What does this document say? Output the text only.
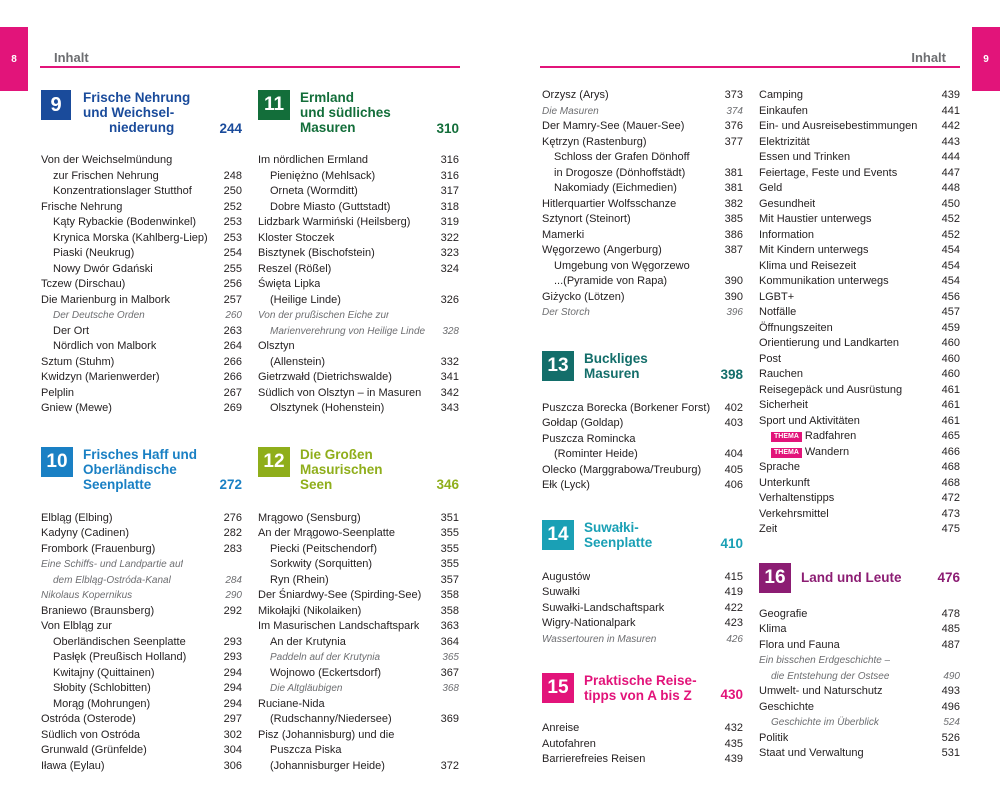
8	Inhalt	9
Inhalt
9	Frische Nehrung
und Weichsel-
niederung	244
Von der Weichselmündung
zur Frischen Nehrung	248
Konzentrationslager Stutthof	250
Frische Nehrung	252
Kąty Rybackie (Bodenwinkel)	253
Krynica Morska (Kahlberg-Liep)	253
Piaski (Neukrug)	254
Nowy Dwór Gdański	255
Tczew (Dirschau)	256
Die Marienburg in Malbork	257
Der Deutsche Orden	260
Der Ort	263
Nördlich von Malbork	264
Sztum (Stuhm)	266
Kwidzyn (Marienwerder)	266
Pelplin	267
Gniew (Mewe)	269
10	Frisches Haff und
Oberländische
Seenplatte	272
Elbląg (Elbing)	276
Kadyny (Cadinen)	282
Frombork (Frauenburg)	283
Eine Schiffs- und Landpartie auf
dem Elbląg-Ostróda-Kanal	284
Nikolaus Kopernikus	290
Braniewo (Braunsberg)	292
Von Elbląg zur
Oberländischen Seenplatte	293
Pasłęk (Preußisch Holland)	293
Kwitajny (Quittainen)	294
Słobity (Schlobitten)	294
Morąg (Mohrungen)	294
Ostróda (Osterode)	297
Südlich von Ostróda	302
Grunwald (Grünfelde)	304
Iława (Eylau)	306
11	Ermland
und südliches
Masuren	310
Im nördlichen Ermland	316
Pieniężno (Mehlsack)	316
Orneta (Wormditt)	317
Dobre Miasto (Guttstadt)	318
Lidzbark Warmiński (Heilsberg)	319
Kloster Stoczek	322
Bisztynek (Bischofstein)	323
Reszel (Rößel)	324
Święta Lipka
(Heilige Linde)	326
Von der prußischen Eiche zur
Marienverehrung von Heilige Linde	328
Olsztyn
(Allenstein)	332
Gietrzwałd (Dietrichswalde)	341
Südlich von Olsztyn – in Masuren	342
Olsztynek (Hohenstein)	343
12	Die Großen
Masurischen
Seen	346
Mrągowo (Sensburg)	351
An der Mrągowo-Seenplatte	355
Piecki (Peitschendorf)	355
Sorkwity (Sorquitten)	355
Ryn (Rhein)	357
Der Śniardwy-See (Spirding-See)	358
Mikołajki (Nikolaiken)	358
Im Masurischen Landschaftspark	363
An der Krutynia	364
Paddeln auf der Krutynia	365
Wojnowo (Eckertsdorf)	367
Die Altgläubigen	368
Ruciane-Nida
(Rudschanny/Niedersee)	369
Pisz (Johannisburg) und die
Puszcza Piska
(Johannisburger Heide)	372
Orzysz (Arys)	373
Die Masuren	374
Der Mamry-See (Mauer-See)	376
Kętrzyn (Rastenburg)	377
Schloss der Grafen Dönhoff
in Drogosze (Dönhoffstädt)	381
Nakomiady (Eichmedien)	381
Hitlerquartier Wolfsschanze	382
Sztynort (Steinort)	385
Mamerki	386
Węgorzewo (Angerburg)	387
Umgebung von Węgorzewo
...(Pyramide von Rapa)	390
Giżycko (Lötzen)	390
Der Storch	396
13	Buckliges
Masuren	398
Puszcza Borecka (Borkener Forst)	402
Gołdap (Goldap)	403
Puszcza Romincka
(Rominter Heide)	404
Olecko (Marggrabowa/Treuburg)	405
Ełk (Lyck)	406
14	Suwałki-
Seenplatte	410
Augustów	415
Suwałki	419
Suwałki-Landschaftspark	422
Wigry-Nationalpark	423
Wassertouren in Masuren	426
15	Praktische Reise-
tipps von A bis Z	430
Anreise	432
Autofahren	435
Barrierefreies Reisen	439
Camping	439
Einkaufen	441
Ein- und Ausreisebestimmungen	442
Elektrizität	443
Essen und Trinken	444
Feiertage, Feste und Events	447
Geld	448
Gesundheit	450
Mit Haustier unterwegs	452
Information	452
Mit Kindern unterwegs	454
Klima und Reisezeit	454
Kommunikation unterwegs	454
LGBT+	456
Notfälle	457
Öffnungszeiten	459
Orientierung und Landkarten	460
Post	460
Rauchen	460
Reisegepäck und Ausrüstung	461
Sicherheit	461
Sport und Aktivitäten	461
THEMA Radfahren	465
THEMA Wandern	466
Sprache	468
Unterkunft	468
Verhaltenstipps	472
Verkehrsmittel	473
Zeit	475
16	Land und Leute	476
Geografie	478
Klima	485
Flora und Fauna	487
Ein bisschen Erdgeschichte –
die Entstehung der Ostsee	490
Umwelt- und Naturschutz	493
Geschichte	496
Geschichte im Überblick	524
Politik	526
Staat und Verwaltung	531
